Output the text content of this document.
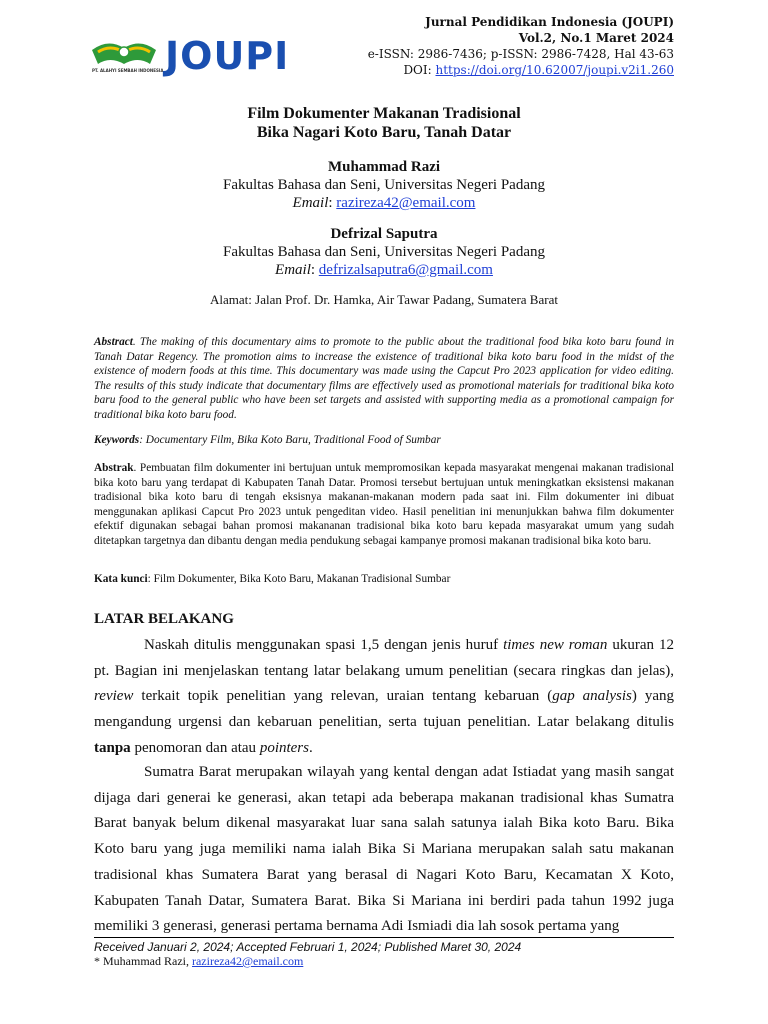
PT. ALAHYI SEMBAH INDONESIA JOUPI
Jurnal Pendidikan Indonesia (JOUPI)
Vol.2, No.1 Maret 2024
e-ISSN: 2986-7436; p-ISSN: 2986-7428, Hal 43-63
DOI: https://doi.org/10.62007/joupi.v2i1.260
Film Dokumenter Makanan Tradisional
Bika Nagari Koto Baru, Tanah Datar
Muhammad Razi
Fakultas Bahasa dan Seni, Universitas Negeri Padang
Email: razireza42@email.com
Defrizal Saputra
Fakultas Bahasa dan Seni, Universitas Negeri Padang
Email: defrizalsaputra6@gmail.com
Alamat: Jalan Prof. Dr. Hamka, Air Tawar Padang, Sumatera Barat
Abstract. The making of this documentary aims to promote to the public about the traditional food bika koto baru found in Tanah Datar Regency. The promotion aims to increase the existence of traditional bika koto baru food in the midst of the existence of modern foods at this time. This documentary was made using the Capcut Pro 2023 application for video editing. The results of this study indicate that documentary films are effectively used as promotional materials for traditional bika koto baru food to the general public who have been set targets and assisted with supporting media as a promotional campaign for traditional bika koto baru food.
Keywords: Documentary Film, Bika Koto Baru, Traditional Food of Sumbar
Abstrak. Pembuatan film dokumenter ini bertujuan untuk mempromosikan kepada masyarakat mengenai makanan tradisional bika koto baru yang terdapat di Kabupaten Tanah Datar. Promosi tersebut bertujuan untuk meningkatkan eksistensi makanan tradisional bika koto baru di tengah eksisnya makanan-makanan modern pada saat ini. Film dokumenter ini dibuat menggunakan aplikasi Capcut Pro 2023 untuk pengeditan video. Hasil penelitian ini menunjukkan bahwa film dokumenter efektif digunakan sebagai bahan promosi makananan tradisional bika koto baru kepada masyarakat umum yang sudah ditetapkan targetnya dan dibantu dengan media pendukung sebagai kampanye promosi makanan tradisional bika koto baru.
Kata kunci: Film Dokumenter, Bika Koto Baru, Makanan Tradisional Sumbar
LATAR BELAKANG
Naskah ditulis menggunakan spasi 1,5 dengan jenis huruf times new roman ukuran 12 pt. Bagian ini menjelaskan tentang latar belakang umum penelitian (secara ringkas dan jelas), review terkait topik penelitian yang relevan, uraian tentang kebaruan (gap analysis) yang mengandung urgensi dan kebaruan penelitian, serta tujuan penelitian. Latar belakang ditulis tanpa penomoran dan atau pointers.
Sumatra Barat merupakan wilayah yang kental dengan adat Istiadat yang masih sangat dijaga dari generai ke generasi, akan tetapi ada beberapa makanan tradisional khas Sumatra Barat banyak belum dikenal masyarakat luar sana salah satunya ialah Bika koto Baru. Bika Koto baru yang juga memiliki nama ialah Bika Si Mariana merupakan salah satu makanan tradisional khas Sumatera Barat yang berasal di Nagari Koto Baru, Kecamatan X Koto, Kabupaten Tanah Datar, Sumatera Barat. Bika Si Mariana ini berdiri pada tahun 1992 juga memiliki 3 generasi, generasi pertama bernama Adi Ismiadi dia lah sosok pertama yang
Received Januari 2, 2024; Accepted Februari 1, 2024; Published Maret 30, 2024
* Muhammad Razi, razireza42@email.com
